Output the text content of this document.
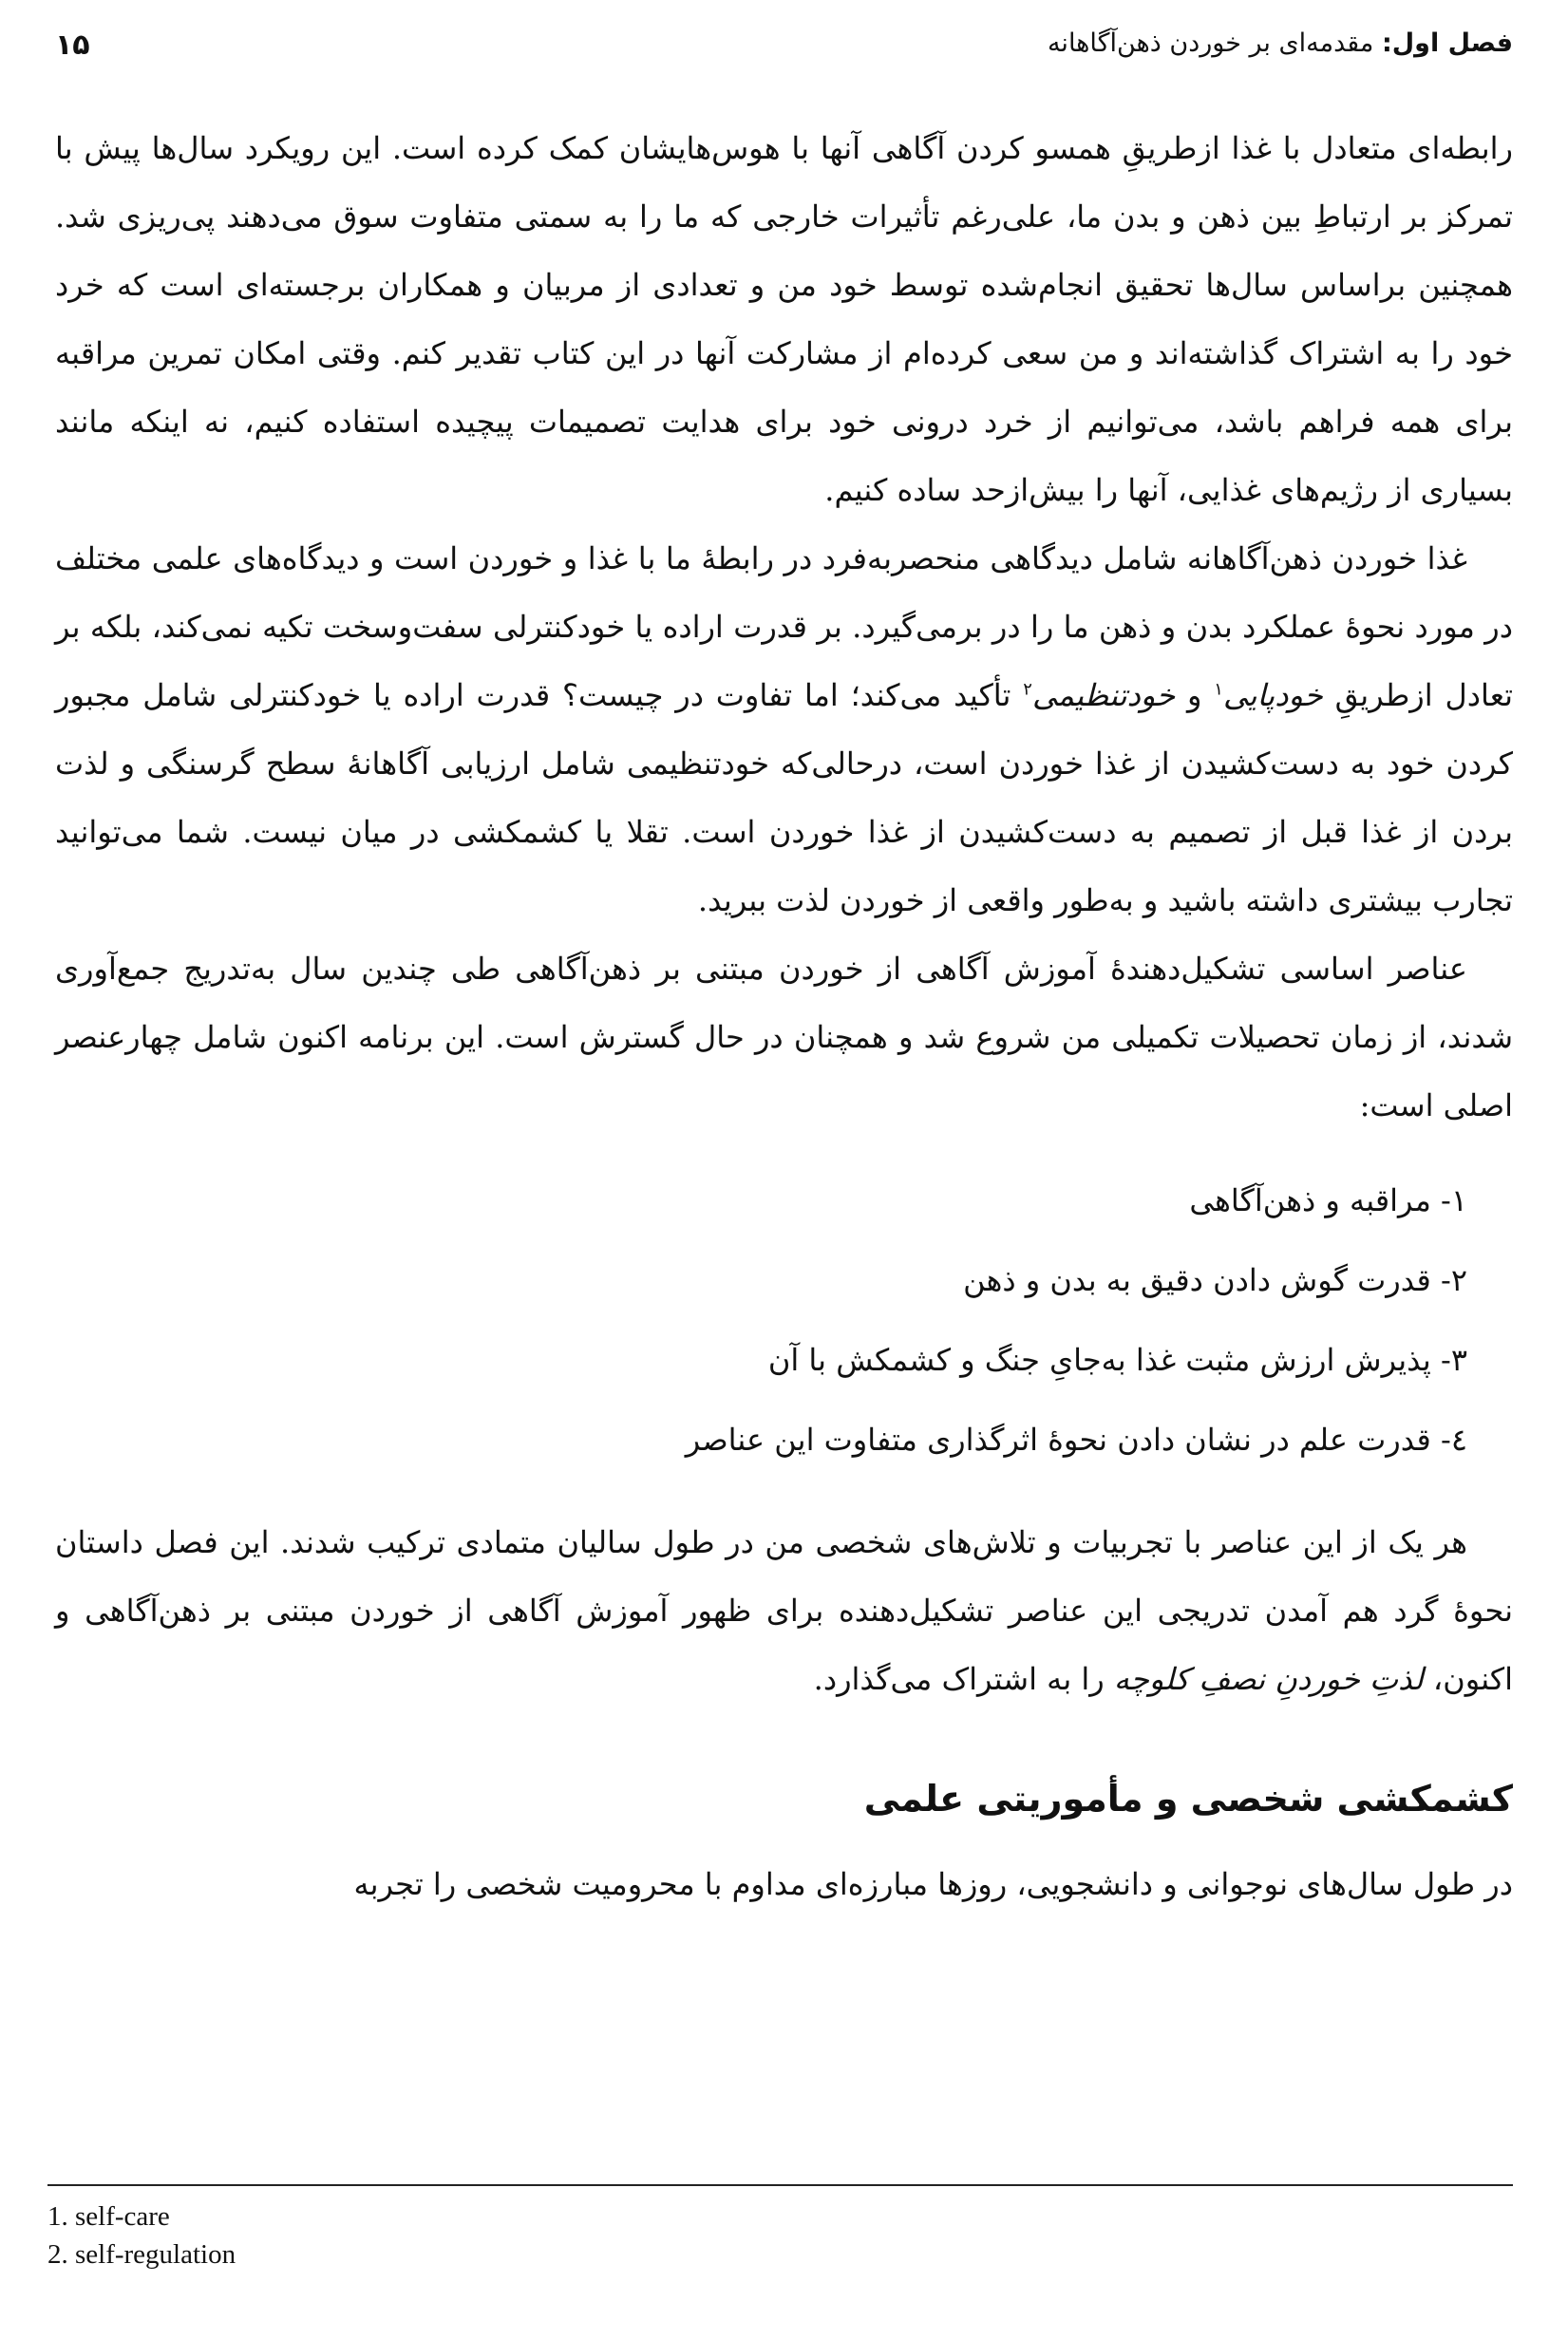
فصل اول: مقدمه‌ای بر خوردن ذهن‌آگاهانه
۱۵

رابطه‌ای متعادل با غذا ازطریقِ همسو کردن آگاهی آنها با هوس‌هایشان کمک کرده است. این رویکرد سال‌ها پیش با تمرکز بر ارتباطِ بین ذهن و بدن ما، علی‌رغم تأثیرات خارجی که ما را به سمتی متفاوت سوق می‌دهند پی‌ریزی شد. همچنین براساس سال‌ها تحقیق انجام‌شده توسط خود من و تعدادی از مربیان و همکاران برجسته‌ای است که خرد خود را به اشتراک گذاشته‌اند و من سعی کرده‌ام از مشارکت آنها در این کتاب تقدیر کنم. وقتی امکان تمرین مراقبه برای همه فراهم باشد، می‌توانیم از خرد درونی خود برای هدایت تصمیمات پیچیده استفاده کنیم، نه اینکه مانند بسیاری از رژیم‌های غذایی، آنها را بیش‌ازحد ساده کنیم.

غذا خوردن ذهن‌آگاهانه شامل دیدگاهی منحصربه‌فرد در رابطهٔ ما با غذا و خوردن است و دیدگاه‌های علمی مختلف در مورد نحوهٔ عملکرد بدن و ذهن ما را در برمی‌گیرد. بر قدرت اراده یا خودکنترلی سفت‌وسخت تکیه نمی‌کند، بلکه بر تعادل ازطریقِ خودپایی$^۱$ و خودتنظیمی$^۲$ تأکید می‌کند؛ اما تفاوت در چیست؟ قدرت اراده یا خودکنترلی شامل مجبور کردن خود به دست‌کشیدن از غذا خوردن است، درحالی‌که خودتنظیمی شامل ارزیابی آگاهانهٔ سطح گرسنگی و لذت بردن از غذا قبل از تصمیم به دست‌کشیدن از غذا خوردن است. تقلا یا کشمکشی در میان نیست. شما می‌توانید تجارب بیشتری داشته باشید و به‌طور واقعی از خوردن لذت ببرید.

عناصر اساسی تشکیل‌دهندهٔ آموزش آگاهی از خوردن مبتنی بر ذهن‌آگاهی طی چندین سال به‌تدریج جمع‌آوری شدند، از زمان تحصیلات تکمیلی من شروع شد و همچنان در حال گسترش است. این برنامه اکنون شامل چهارعنصر اصلی است:

۱- مراقبه و ذهن‌آگاهی
۲- قدرت گوش دادن دقیق به بدن و ذهن
۳- پذیرش ارزش مثبت غذا به‌جایِ جنگ و کشمکش با آن
٤- قدرت علم در نشان دادن نحوهٔ اثرگذاری متفاوت این عناصر

هر یک از این عناصر با تجربیات و تلاش‌های شخصی من در طول سالیان متمادی ترکیب شدند. این فصل داستان نحوهٔ گرد هم آمدن تدریجی این عناصر تشکیل‌دهنده برای ظهور آموزش آگاهی از خوردن مبتنی بر ذهن‌آگاهی و اکنون، لذتِ خوردنِ نصفِ کلوچه را به اشتراک می‌گذارد.

کشمکشی شخصی و مأموریتی علمی

در طول سال‌های نوجوانی و دانشجویی، روزها مبارزه‌ای مداوم با محرومیت شخصی را تجربه

1. self-care
2. self-regulation
